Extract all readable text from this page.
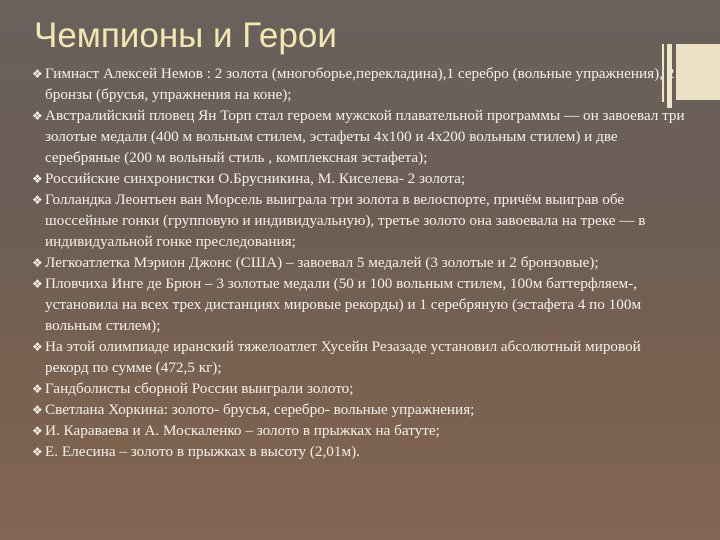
Чемпионы и Герои
❖ Гимнаст Алексей Немов : 2 золота (многоборье,перекладина),1 серебро (вольные упражнения), 2 бронзы (брусья, упражнения на коне);
❖ Австралийский пловец Ян Торп стал героем мужской плавательной программы — он завоевал три золотые медали (400 м вольным стилем, эстафеты 4x100 и 4x200 вольным стилем) и две серебряные (200 м вольный стиль , комплексная эстафета);
❖ Российские синхронистки О.Брусникина, М. Киселева- 2 золота;
❖ Голландка Леонтьен ван Морсель выиграла три золота в велоспорте, причём выиграв обе шоссейные гонки (групповую и индивидуальную), третье золото она завоевала на треке — в индивидуальной гонке преследования;
❖ Легкоатлетка Мэрион Джонс (США) – завоевал 5 медалей (3 золотые и 2 бронзовые);
❖ Пловчиха Инге де Брюн – 3 золотые медали (50 и 100 вольным стилем, 100м баттерфляем-, установила на всех трех дистанциях мировые рекорды) и 1 серебряную (эстафета 4 по 100м вольным стилем);
❖ На этой олимпиаде иранский тяжелоатлет Хусейн Резазаде установил абсолютный мировой рекорд по сумме (472,5 кг);
❖ Гандболисты сборной России выиграли золото;
❖ Светлана Хоркина: золото- брусья, серебро- вольные упражнения;
❖ И. Караваева и А. Москаленко – золото в прыжках на батуте;
❖ Е. Елесина – золото в прыжках в высоту (2,01м).
